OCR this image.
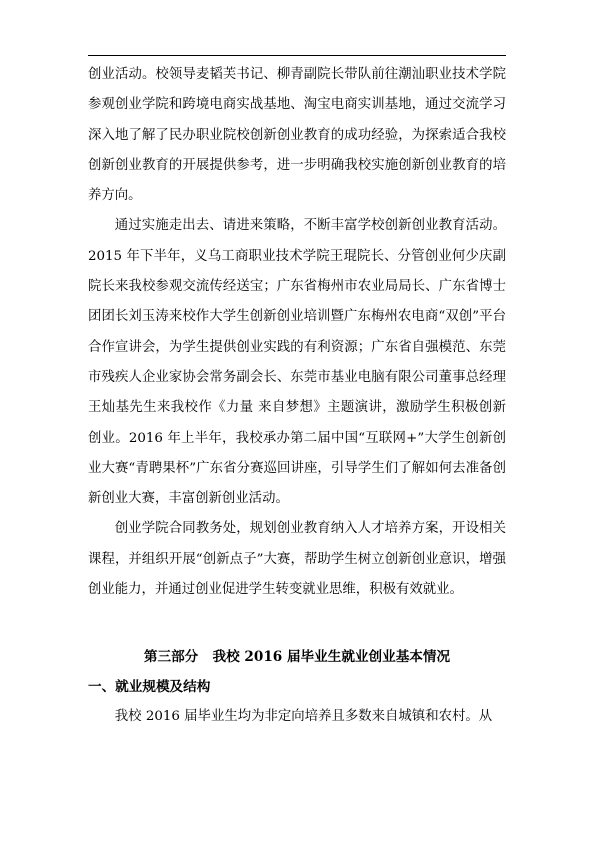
创业活动。校领导麦韬芙书记、柳青副院长带队前往潮汕职业技术学院参观创业学院和跨境电商实战基地、淘宝电商实训基地，通过交流学习深入地了解了民办职业院校创新创业教育的成功经验，为探索适合我校创新创业教育的开展提供参考，进一步明确我校实施创新创业教育的培养方向。

通过实施走出去、请进来策略，不断丰富学校创新创业教育活动。2015 年下半年，义乌工商职业技术学院王琨院长、分管创业何少庆副院长来我校参观交流传经送宝；广东省梅州市农业局局长、广东省博士团团长刘玉涛来校作大学生创新创业培训暨广东梅州农电商“双创”平台合作宣讲会，为学生提供创业实践的有利资源；广东省自强模范、东莞市残疾人企业家协会常务副会长、东莞市基业电脑有限公司董事总经理王灿基先生来我校作《力量 来自梦想》主题演讲，激励学生积极创新创业。2016 年上半年，我校承办第二届中国“互联网+”大学生创新创业大赛“青聘果杯”广东省分赛巡回讲座，引导学生们了解如何去准备创新创业大赛，丰富创新创业活动。

创业学院合同教务处，规划创业教育纳入人才培养方案，开设相关课程，并组织开展“创新点子”大赛，帮助学生树立创新创业意识，增强创业能力，并通过创业促进学生转变就业思维，积极有效就业。

第三部分   我校 2016 届毕业生就业创业基本情况

一、就业规模及结构

我校 2016 届毕业生均为非定向培养且多数来自城镇和农村。从
